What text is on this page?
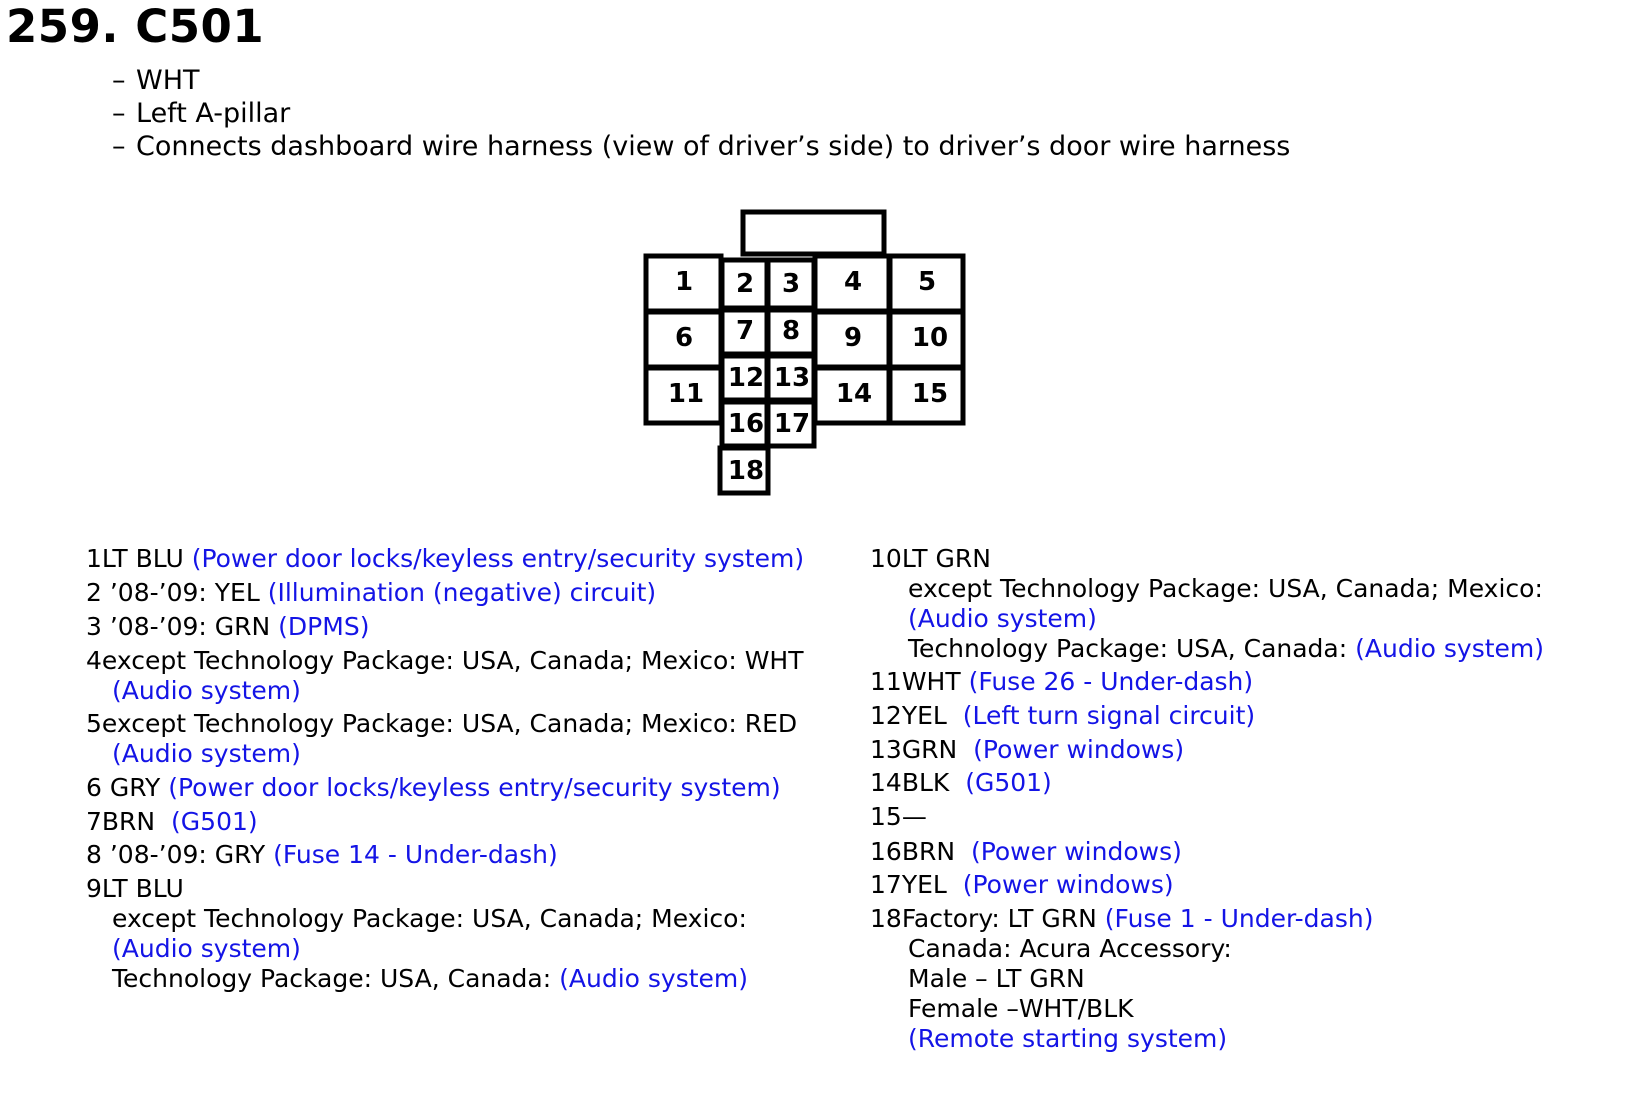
259. C501
– WHT
– Left A-pillar
– Connects dashboard wire harness (view of driver’s side) to driver’s door wire harness
1 2 3 4 5
6 7 8 9 10
11
12 13
14 15
16 17
18
1LT BLU (Power door locks/keyless entry/security system)
2 ’08-’09: YEL (Illumination (negative) circuit)
3 ’08-’09: GRN (DPMS)
4except Technology Package: USA, Canada; Mexico: WHT
(Audio system)
5except Technology Package: USA, Canada; Mexico: RED
(Audio system)
6 GRY (Power door locks/keyless entry/security system)
7BRN (G501)
8 ’08-’09: GRY (Fuse 14 - Under-dash)
9LT BLU
except Technology Package: USA, Canada; Mexico:
(Audio system)
Technology Package: USA, Canada: (Audio system)
10LT GRN
except Technology Package: USA, Canada; Mexico:
(Audio system)
Technology Package: USA, Canada: (Audio system)
11WHT (Fuse 26 - Under-dash)
12YEL (Left turn signal circuit)
13GRN (Power windows)
14BLK (G501)
15—
16BRN (Power windows)
17YEL (Power windows)
18Factory: LT GRN (Fuse 1 - Under-dash)
Canada: Acura Accessory:
Male – LT GRN
Female –WHT/BLK
(Remote starting system)
